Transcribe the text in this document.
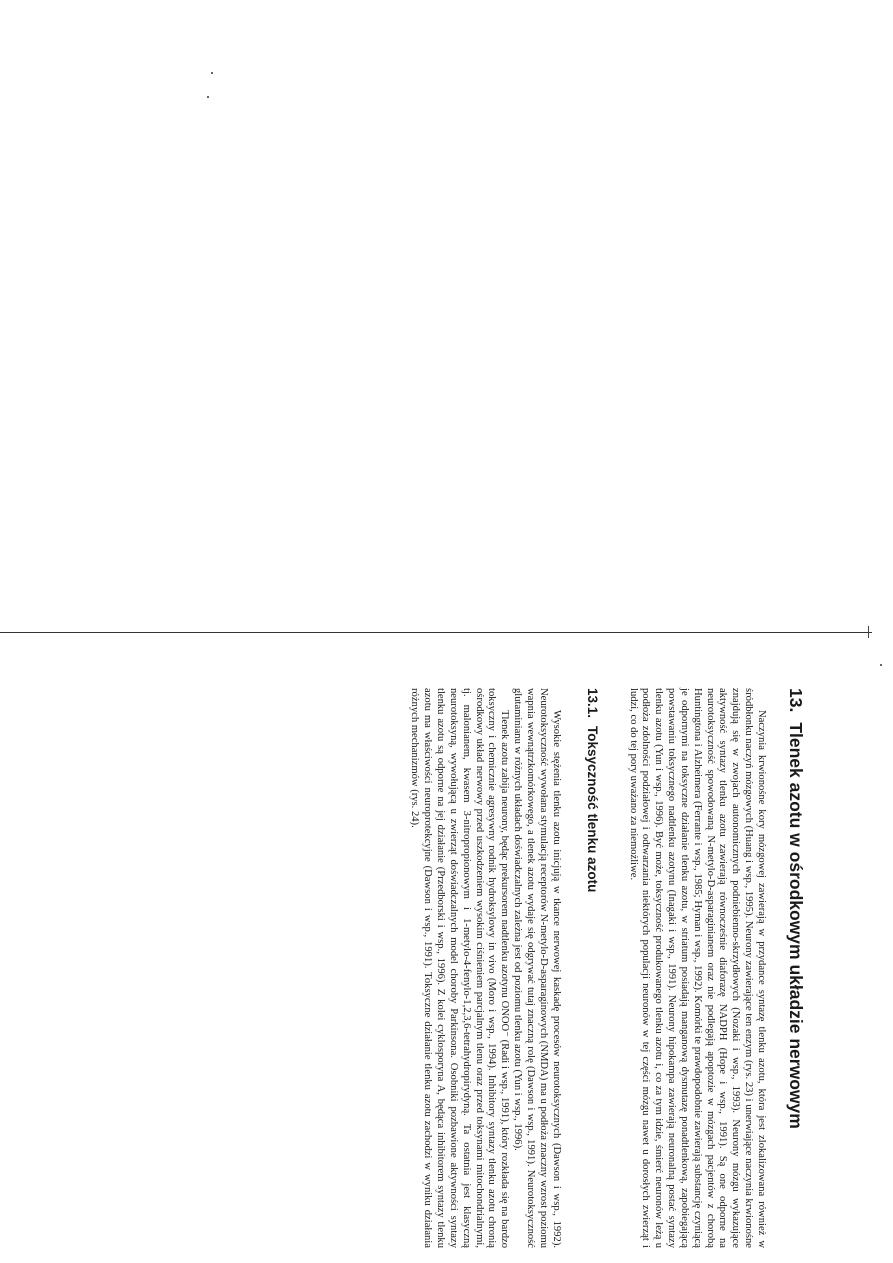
13.Tlenek azotu w ośrodkowym układzie nerwowym

Naczynia krwionośne kory mózgowej zawierają w przydance syntazę tlenku azotu, która jest zlokalizowana również w śródbłonku naczyń mózgowych (Huang i wsp., 1995). Neurony zawierające ten enzym (rys. 23) i unerwiające naczynia krwionośne znajdują się w zwojach autonomicznych podniebienno-skrzydłowych (Nozaki i wsp., 1993). Neurony mózgu wykazujące aktywność syntazy tlenku azotu zawierają równocześnie diaforazę NADPH (Hope i wsp., 1991). Są one odporne na neurotoksyczność spowodowaną N-metylo-D-asparaginianem oraz nie podlegają apoptozie w mózgach pacjentów z chorobą Huntingtona i Alzheimera (Ferrante i wsp., 1985; Hyman i wsp., 1992). Komórki te prawdopodobnie zawierają substancję czyniącą je odpornymi na toksyczne działanie tlenku azotu, w striatum posiadają manganową dysmutazę ponadtlenkową, zapobiegającą powstawaniu toksycznego nadtlenku azotynu (Inagaki i wsp., 1991). Neurony hipokampa zawierają neuronalną postać syntazy tlenku azotu (Yun i wsp., 1996). Być może, toksyczność produkowanego tlenku azotu i, co za tym idzie, śmierć neuronów leżą u podłoża zdolności podziałowej i odtwarzania niektórych populacji neuronów w tej części mózgu nawet u dorosłych zwierząt i ludzi, co do tej pory uważano za niemożliwe.

13.1.Toksyczność tlenku azotu

Wysokie stężenia tlenku azotu inicjują w tkance nerwowej kaskadę procesów neurotoksycznych (Dawson i wsp., 1992). Neurotoksyczność wywołana stymulacją receptorów N-metylo-D-asparaginowych (NMDA) ma u podłoża znaczny wzrost poziomu wapnia wewnątrzkomórkowego, a tlenek azotu wydaje się odgrywać tutaj znaczną rolę (Dawson i wsp., 1991). Neurotoksyczność glutaminianu w różnych układach doświadczalnych zależna jest od poziomu tlenku azotu (Yun i wsp., 1996).

Tlenek azotu zabija neurony, będąc prekursorem nadtlenku azotynu ONOO⁻ (Radi i wsp., 1991), który rozkłada się na bardzo toksyczny i chemicznie agresywny rodnik hydroksylowy in vivo (Moro i wsp., 1994). Inhibitory syntazy tlenku azotu chronią ośrodkowy układ nerwowy przed uszkodzeniem wysokim ciśnieniem parcjalnym tlenu oraz przed toksynami mitochondrialnymi, tj. malonianem, kwasem 3-nitropropionowym i 1-metylo-4-fenylo-1,2,3,6-tetrahydropirydyną. Ta ostatnia jest klasyczną neurotoksyną, wywołującą u zwierząt doświadczalnych model choroby Parkinsona. Osobniki pozbawione aktywności syntazy tlenku azotu są odporne na jej działanie (Przedborski i wsp., 1996). Z kolei cyklosporyna A, będąca inhibitorem syntazy tlenku azotu ma właściwości neuroprotekcyjne (Dawson i wsp., 1991). Toksyczne działanie tlenku azotu zachodzi w wyniku działania różnych mechanizmów (rys. 24).
